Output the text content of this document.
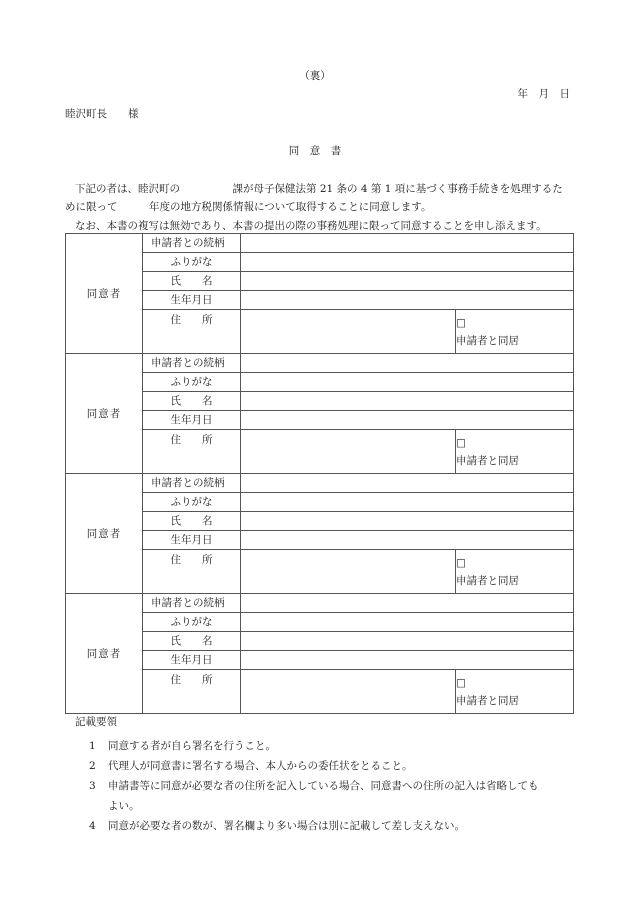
（裏）
年　月　日
睦沢町長　　様
同　意　書
下記の者は、睦沢町の　　　　　課が母子保健法第 21 条の 4 第 1 項に基づく事務手続きを処理するた
めに限って　　　年度の地方税関係情報について取得することに同意します。
なお、本書の複写は無効であり、本書の提出の際の事務処理に限って同意することを申し添えます。
同意者	申請者との続柄		
	ふりがな		
	氏　　名		
	生年月日		
	住　　所		□
申請者と同居

同意者	申請者との続柄		
	ふりがな		
	氏　　名		
	生年月日		
	住　　所		□
申請者と同居

同意者	申請者との続柄		
	ふりがな		
	氏　　名		
	生年月日		
	住　　所		□
申請者と同居

同意者	申請者との続柄		
	ふりがな		
	氏　　名		
	生年月日		
	住　　所		□
申請者と同居
記載要領
1 同意する者が自ら署名を行うこと。
2 代理人が同意書に署名する場合、本人からの委任状をとること。
3 申請書等に同意が必要な者の住所を記入している場合、同意書への住所の記入は省略しても
よい。
4 同意が必要な者の数が、署名欄より多い場合は別に記載して差し支えない。
